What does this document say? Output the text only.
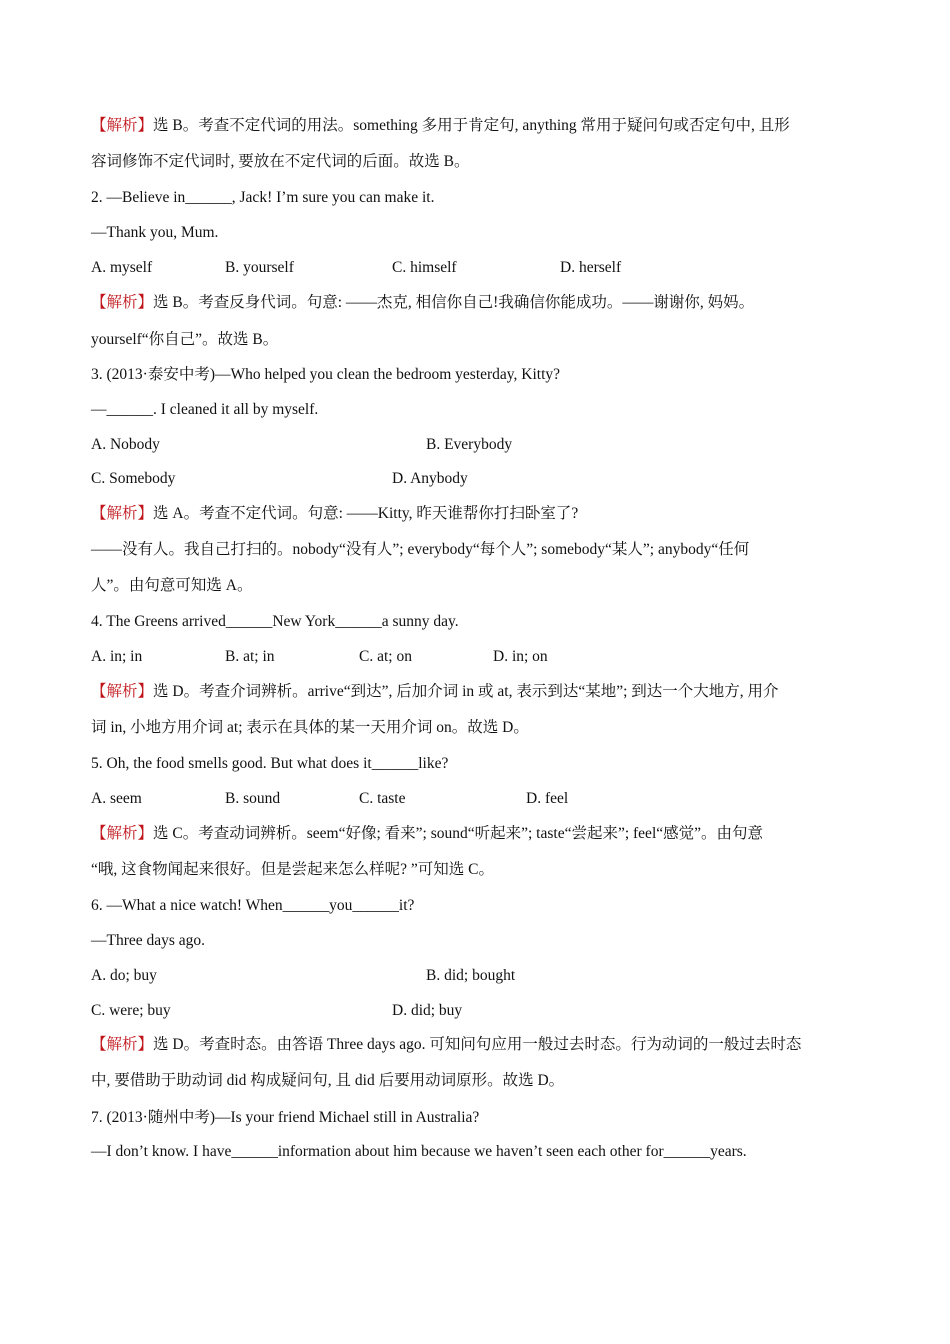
【解析】选 B。考查不定代词的用法。something 多用于肯定句, anything 常用于疑问句或否定句中, 且形
容词修饰不定代词时, 要放在不定代词的后面。故选 B。
2. —Believe in______, Jack! I’m sure you can make it.
—Thank you, Mum.
A. myself	B. yourself	C. himself	D. herself
【解析】选 B。考查反身代词。句意: ——杰克, 相信你自己!我确信你能成功。——谢谢你, 妈妈。
yourself“你自己”。故选 B。
3. (2013·泰安中考)—Who helped you clean the bedroom yesterday, Kitty?
—______. I cleaned it all by myself.
A. Nobody	B. Everybody
C. Somebody	D. Anybody
【解析】选 A。考查不定代词。句意: ——Kitty, 昨天谁帮你打扫卧室了?
——没有人。我自己打扫的。nobody“没有人”; everybody“每个人”; somebody“某人”; anybody“任何
人”。由句意可知选 A。
4. The Greens arrived______New York______a sunny day.
A. in; in	B. at; in	C. at; on	D. in; on
【解析】选 D。考查介词辨析。arrive“到达”, 后加介词 in 或 at, 表示到达“某地”; 到达一个大地方, 用介
词 in, 小地方用介词 at; 表示在具体的某一天用介词 on。故选 D。
5. Oh, the food smells good. But what does it______like?
A. seem	B. sound	C. taste	D. feel
【解析】选 C。考查动词辨析。seem“好像; 看来”; sound“听起来”; taste“尝起来”; feel“感觉”。由句意
“哦, 这食物闻起来很好。但是尝起来怎么样呢? ”可知选 C。
6. —What a nice watch! When______you______it?
—Three days ago.
A. do; buy	B. did; bought
C. were; buy	D. did; buy
【解析】选 D。考查时态。由答语 Three days ago. 可知问句应用一般过去时态。行为动词的一般过去时态
中, 要借助于助动词 did 构成疑问句, 且 did 后要用动词原形。故选 D。
7. (2013·随州中考)—Is your friend Michael still in Australia?
—I don’t know. I have______information about him because we haven’t seen each other for______years.
